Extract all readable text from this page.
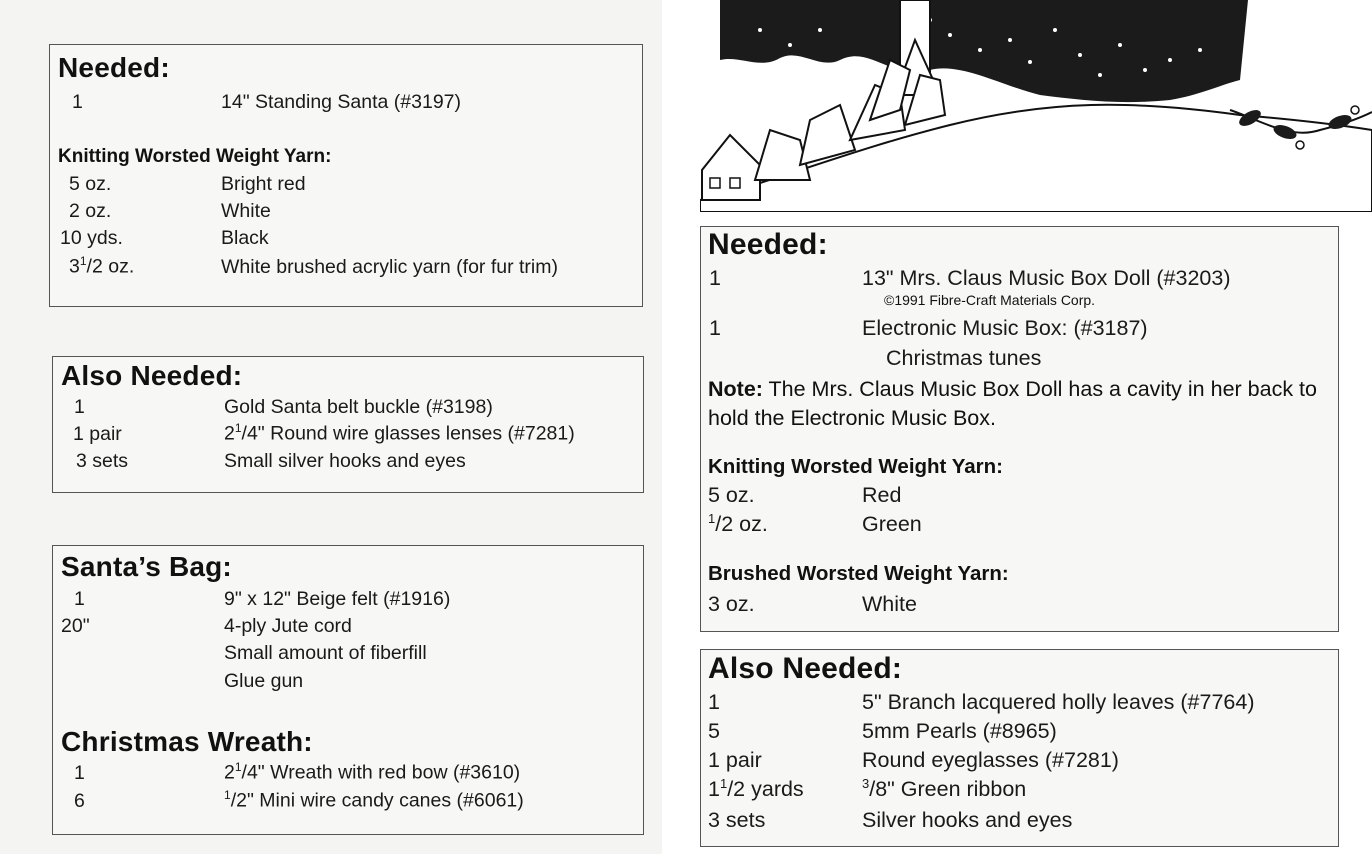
Needed:
1	14" Standing Santa (#3197)
Knitting Worsted Weight Yarn:
5 oz.	Bright red
2 oz.	White
10 yds.	Black
$3^1/2$ oz.	White brushed acrylic yarn (for fur trim)
Also Needed:
1	Gold Santa belt buckle (#3198)
1 pair	$2^1/4$" Round wire glasses lenses (#7281)
3 sets	Small silver hooks and eyes
Santa’s Bag:
1	9" x 12" Beige felt (#1916)
20"	4-ply Jute cord
Small amount of fiberfill
Glue gun
Christmas Wreath:
1	$2^1/4$" Wreath with red bow (#3610)
6	$^1$/2" Mini wire candy canes (#6061)
Needed:
1	13" Mrs. Claus Music Box Doll (#3203)
©1991 Fibre-Craft Materials Corp.
1	Electronic Music Box: (#3187)
Christmas tunes
Note: The Mrs. Claus Music Box Doll has a cavity in her back to hold the Electronic Music Box.
Knitting Worsted Weight Yarn:
5 oz.	Red
$^1$/2 oz.	Green
Brushed Worsted Weight Yarn:
3 oz.	White
Also Needed:
1	5" Branch lacquered holly leaves (#7764)
5	5mm Pearls (#8965)
1 pair	Round eyeglasses (#7281)
$1^1/2$ yards	$^3$/8" Green ribbon
3 sets	Silver hooks and eyes
